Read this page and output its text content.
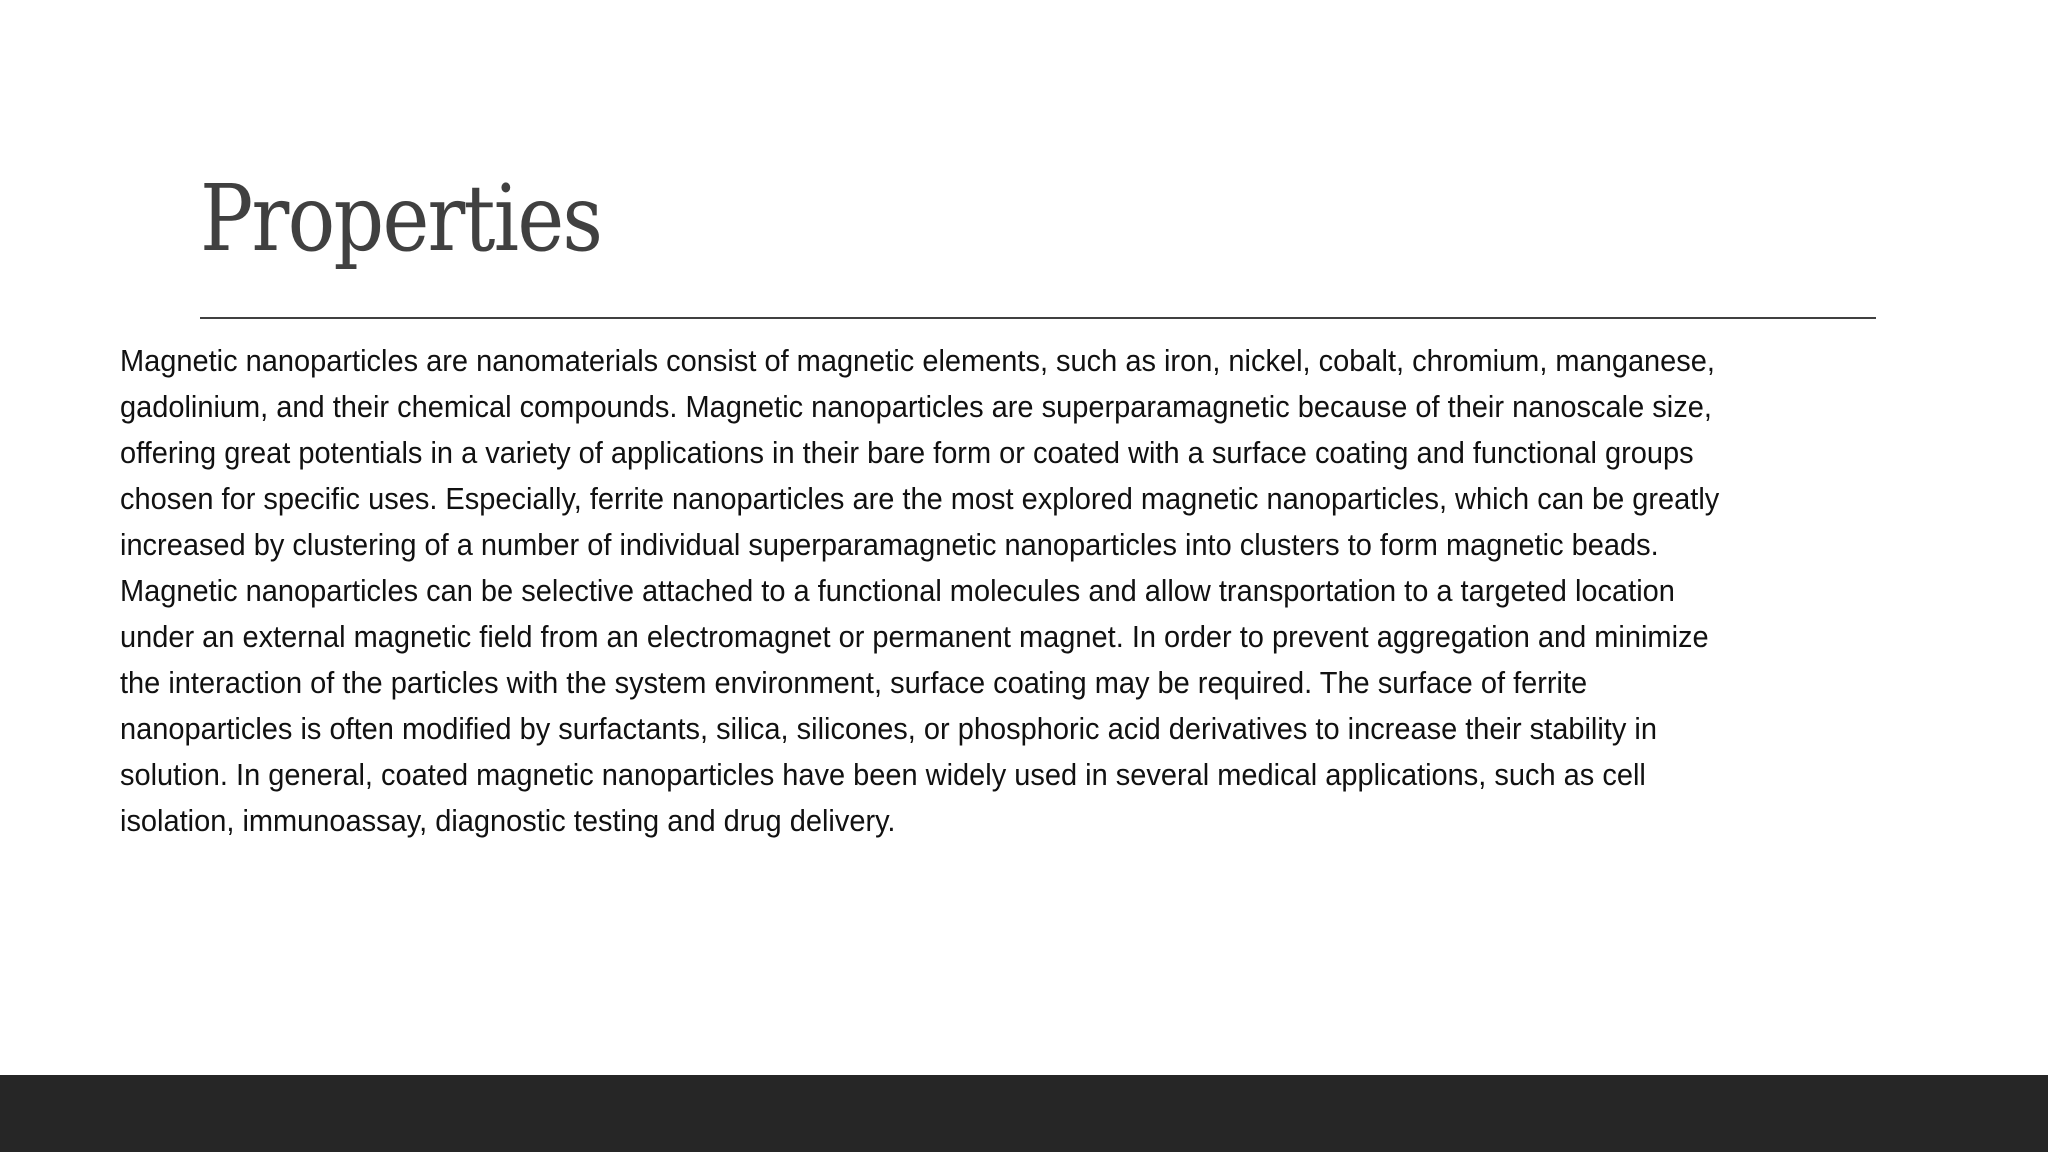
Properties

Magnetic nanoparticles are nanomaterials consist of magnetic elements, such as iron, nickel, cobalt, chromium, manganese, gadolinium, and their chemical compounds. Magnetic nanoparticles are superparamagnetic because of their nanoscale size, offering great potentials in a variety of applications in their bare form or coated with a surface coating and functional groups chosen for specific uses. Especially, ferrite nanoparticles are the most explored magnetic nanoparticles, which can be greatly increased by clustering of a number of individual superparamagnetic nanoparticles into clusters to form magnetic beads.

Magnetic nanoparticles can be selective attached to a functional molecules and allow transportation to a targeted location under an external magnetic field from an electromagnet or permanent magnet. In order to prevent aggregation and minimize the interaction of the particles with the system environment, surface coating may be required. The surface of ferrite nanoparticles is often modified by surfactants, silica, silicones, or phosphoric acid derivatives to increase their stability in solution. In general, coated magnetic nanoparticles have been widely used in several medical applications, such as cell isolation, immunoassay, diagnostic testing and drug delivery.
